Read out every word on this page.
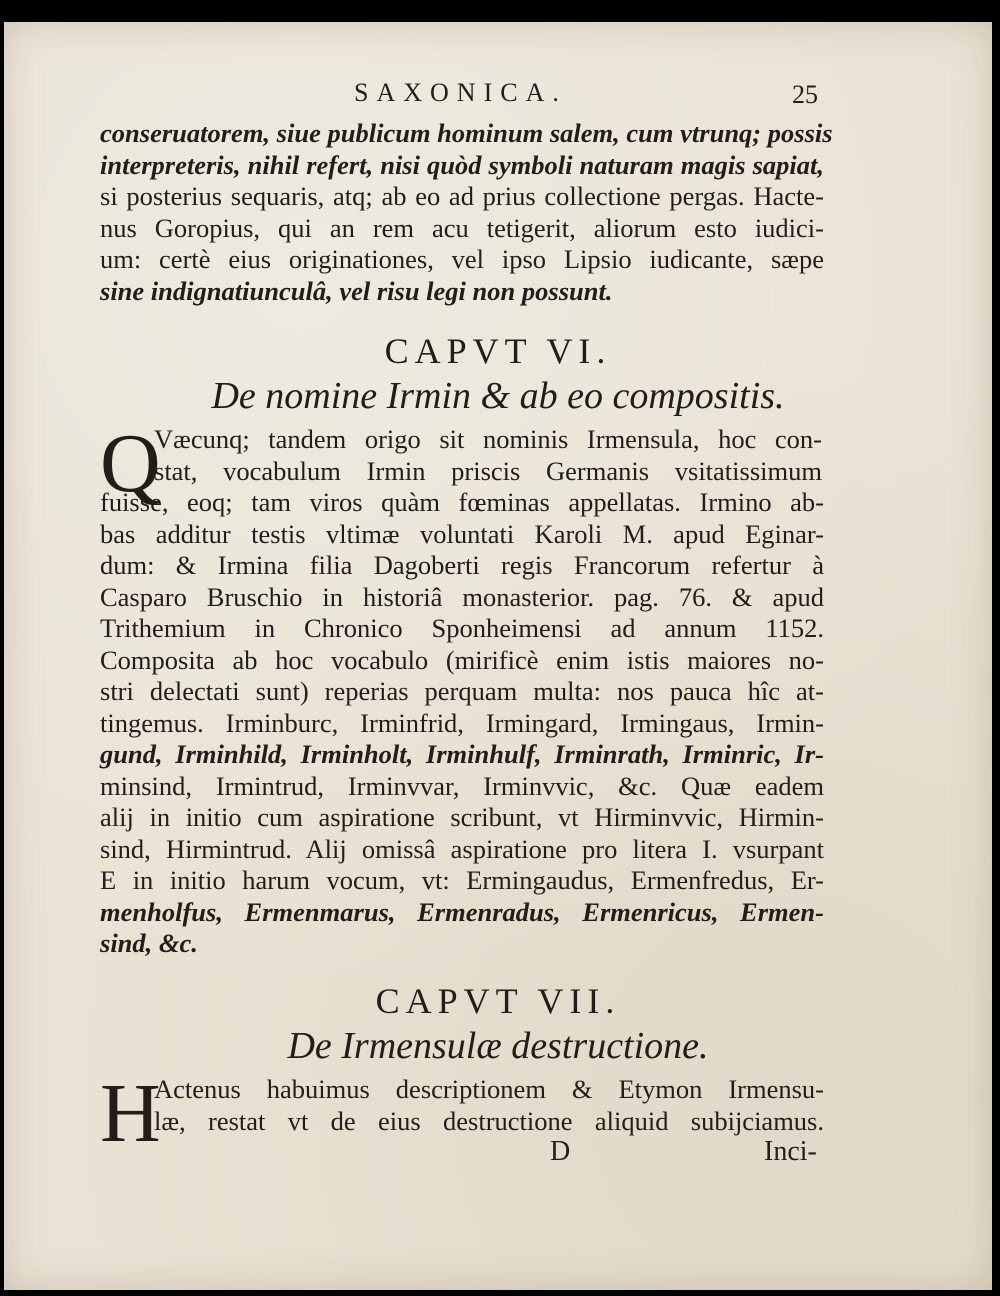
SAXONICA.	25
conseruatorem, siue publicum hominum salem, cum vtrunq; possis
interpreteris, nihil refert, nisi quòd symboli naturam magis sapiat,
si posterius sequaris, atq; ab eo ad prius collectione pergas. Hacte-
nus Goropius, qui an rem acu tetigerit, aliorum esto iudici-
um: certè eius originationes, vel ipso Lipsio iudicante, sæpe
sine indignatiunculâ, vel risu legi non possunt.
CAPVT VI.
De nomine Irmin & ab eo compositis.
Q
Væcunq; tandem origo sit nominis Irmensula, hoc con-
stat, vocabulum Irmin priscis Germanis vsitatissimum
fuisse, eoq; tam viros quàm fœminas appellatas. Irmino ab-
bas additur testis vltimæ voluntati Karoli M. apud Eginar-
dum: & Irmina filia Dagoberti regis Francorum refertur à
Casparo Bruschio in historiâ monasterior. pag. 76. & apud
Trithemium in Chronico Sponheimensi ad annum 1152.
Composita ab hoc vocabulo (mirificè enim istis maiores no-
stri delectati sunt) reperias perquam multa: nos pauca hîc at-
tingemus. Irminburc, Irminfrid, Irmingard, Irmingaus, Irmin-
gund, Irminhild, Irminholt, Irminhulf, Irminrath, Irminric, Ir-
minsind, Irmintrud, Irminvvar, Irminvvic, &c. Quæ eadem
alij in initio cum aspiratione scribunt, vt Hirminvvic, Hirmin-
sind, Hirmintrud. Alij omissâ aspiratione pro litera I. vsurpant
E in initio harum vocum, vt: Ermingaudus, Ermenfredus, Er-
menholfus, Ermenmarus, Ermenradus, Ermenricus, Ermen-
sind, &c.
CAPVT VII.
De Irmensulæ destructione.
H
Actenus habuimus descriptionem & Etymon Irmensu-
læ, restat vt de eius destructione aliquid subijciamus.
D	Inci-
